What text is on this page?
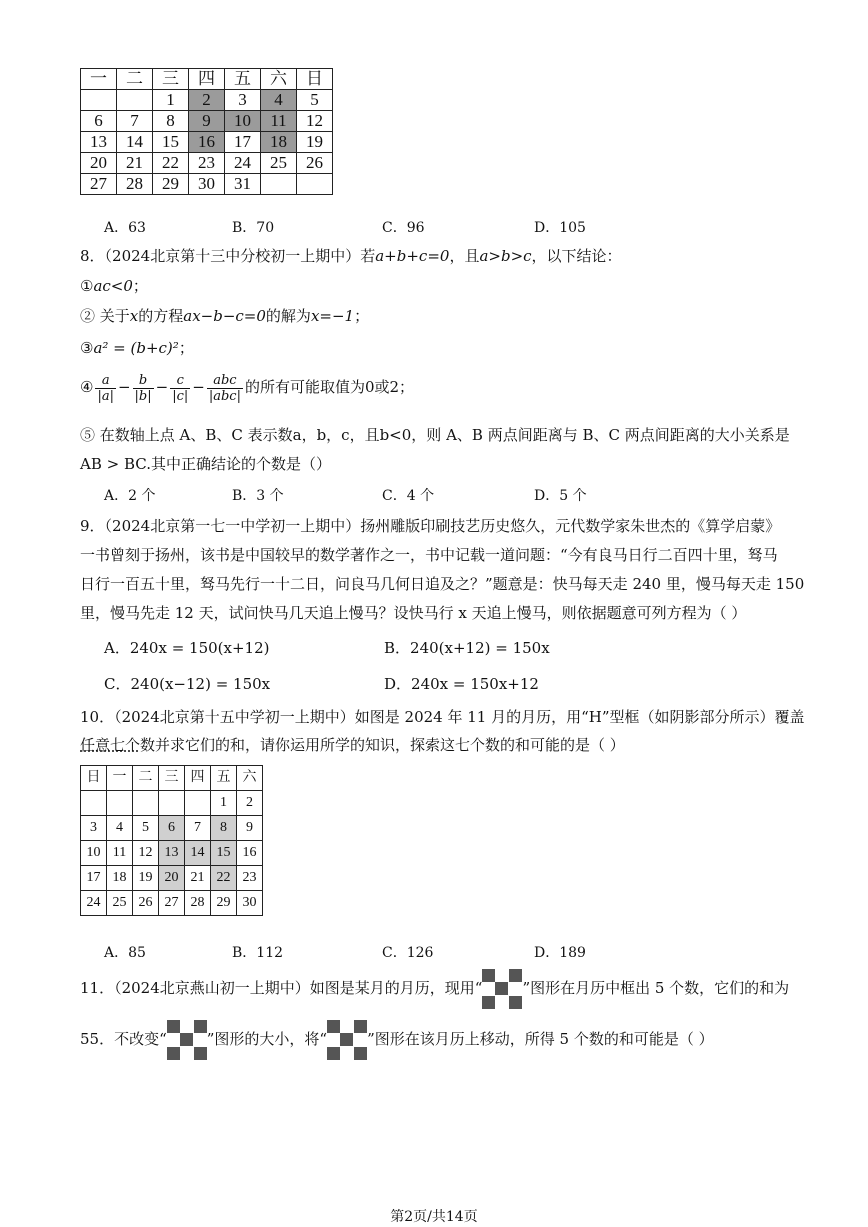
一	二	三	四	五	六	日
		1	2	3	4	5
6	7	8	9	10	11	12
13	14	15	16	17	18	19
20	21	22	23	24	25	26
27	28	29	30	31		
A．63	B．70	C．96	D．105
8．（2024北京第十三中分校初一上期中）若a+b+c=0，且a>b>c，以下结论：
①ac<0；
② 关于x的方程ax−b−c=0的解为x=−1；
③a² = (b+c)²；
④ $\frac{a}{|a|} - \frac{b}{|b|} - \frac{c}{|c|} - \frac{\text{abc}}{\text{|abc|}}$ 的所有可能取值为0或2；
⑤ 在数轴上点 A、B、C 表示数a，b，c，且b<0，则 A、B 两点间距离与 B、C 两点间距离的大小关系是
AB > BC.其中正确结论的个数是（）
A．2 个	B．3 个	C．4 个	D．5 个
9．（2024北京第一七一中学初一上期中）扬州雕版印刷技艺历史悠久，元代数学家朱世杰的《算学启蒙》
一书曾刻于扬州，该书是中国较早的数学著作之一，书中记载一道问题：“今有良马日行二百四十里，驽马
日行一百五十里，驽马先行一十二日，问良马几何日追及之？”题意是：快马每天走 240 里，慢马每天走 150
里，慢马先走 12 天，试问快马几天追上慢马？设快马行 x 天追上慢马，则依据题意可列方程为（ ）
A．240x = 150(x+12)	B．240(x+12) = 150x
C．240(x−12) = 150x	D．240x = 150x+12
10．（2024北京第十五中学初一上期中）如图是 2024 年 11 月的月历，用“H”型框（如阴影部分所示）覆盖
任意七个数并求它们的和，请你运用所学的知识，探索这七个数的和可能的是（ ）
日	一	二	三	四	五	六
					1	2
3	4	5	6	7	8	9
10	11	12	13	14	15	16
17	18	19	20	21	22	23
24	25	26	27	28	29	30
A．85	B．112	C．126	D．189
11．（2024北京燕山初一上期中）如图是某月的月历，现用“	”图形在月历中框出 5 个数，它们的和为
55．不改变“	”图形的大小，将“	”图形在该月历上移动，所得 5 个数的和可能是（ ）
第2页/共14页
